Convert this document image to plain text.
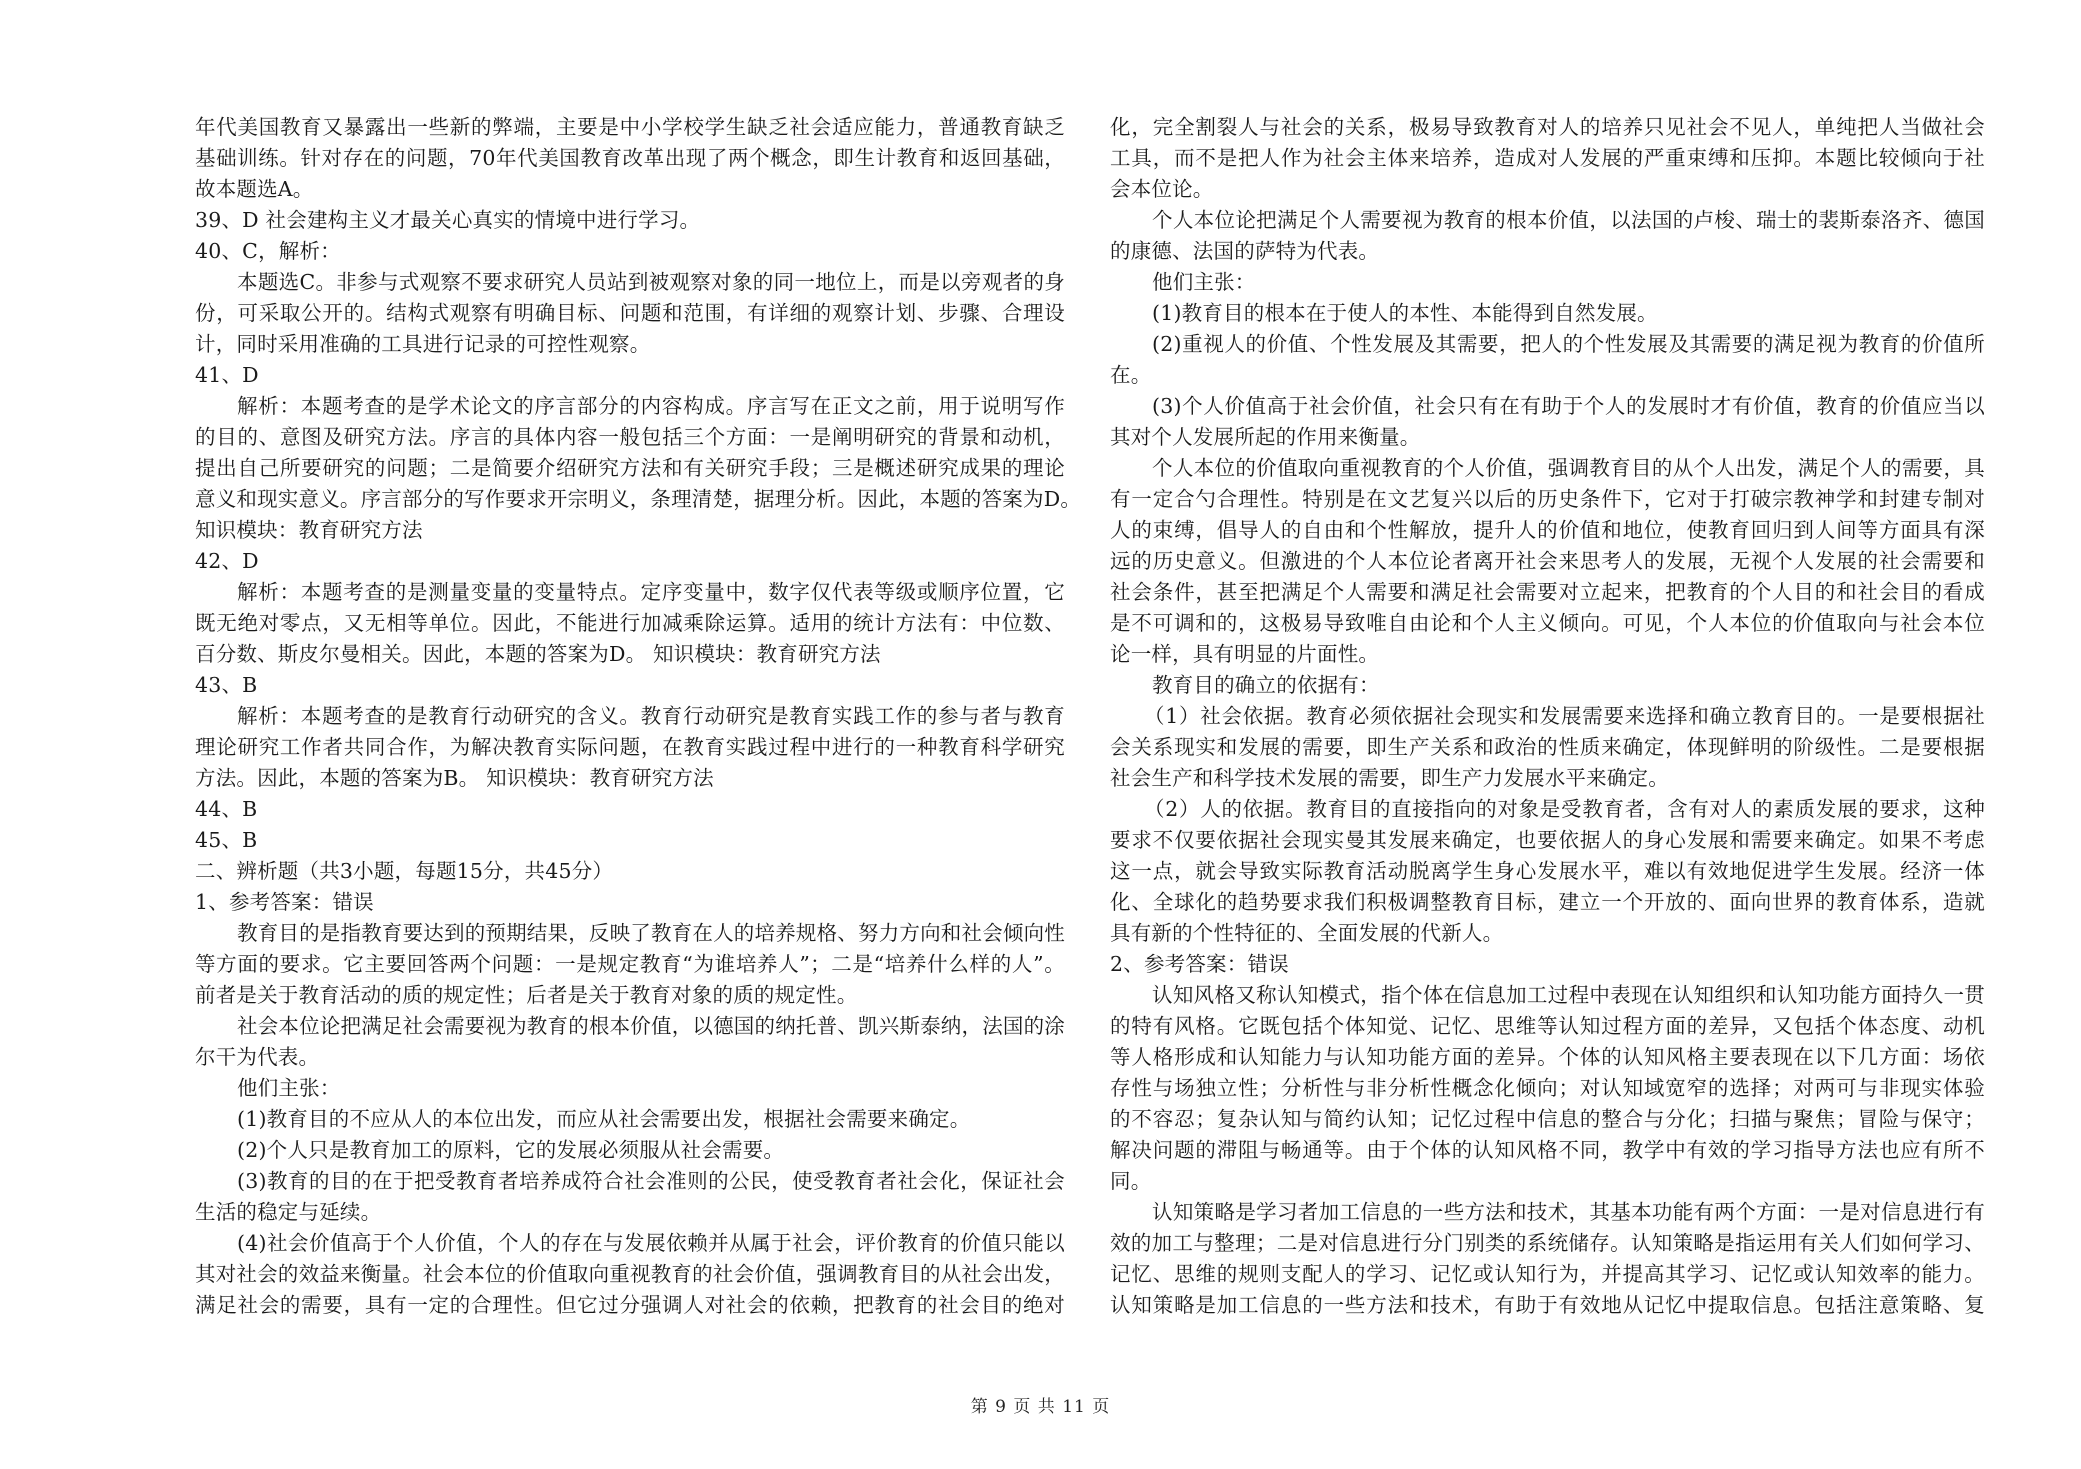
年代美国教育又暴露出一些新的弊端，主要是中小学校学生缺乏社会适应能力，普通教育缺乏
基础训练。针对存在的问题，70年代美国教育改革出现了两个概念，即生计教育和返回基础，
故本题选A。
39、D 社会建构主义才最关心真实的情境中进行学习。
40、C，解析：
本题选C。非参与式观察不要求研究人员站到被观察对象的同一地位上，而是以旁观者的身
份，可采取公开的。结构式观察有明确目标、问题和范围，有详细的观察计划、步骤、合理设
计，同时采用准确的工具进行记录的可控性观察。
41、D
解析：本题考查的是学术论文的序言部分的内容构成。序言写在正文之前，用于说明写作
的目的、意图及研究方法。序言的具体内容一般包括三个方面：一是阐明研究的背景和动机，
提出自己所要研究的问题；二是简要介绍研究方法和有关研究手段；三是概述研究成果的理论
意义和现实意义。序言部分的写作要求开宗明义，条理清楚，据理分析。因此，本题的答案为D。
知识模块：教育研究方法
42、D
解析：本题考查的是测量变量的变量特点。定序变量中，数字仅代表等级或顺序位置，它
既无绝对零点，又无相等单位。因此，不能进行加减乘除运算。适用的统计方法有：中位数、
百分数、斯皮尔曼相关。因此，本题的答案为D。 知识模块：教育研究方法
43、B
解析：本题考查的是教育行动研究的含义。教育行动研究是教育实践工作的参与者与教育
理论研究工作者共同合作，为解决教育实际问题，在教育实践过程中进行的一种教育科学研究
方法。因此，本题的答案为B。 知识模块：教育研究方法
44、B
45、B
二、辨析题（共3小题，每题15分，共45分）
1、参考答案：错误
教育目的是指教育要达到的预期结果，反映了教育在人的培养规格、努力方向和社会倾向性
等方面的要求。它主要回答两个问题：一是规定教育“为谁培养人”；二是“培养什么样的人”。
前者是关于教育活动的质的规定性；后者是关于教育对象的质的规定性。
社会本位论把满足社会需要视为教育的根本价值，以德国的纳托普、凯兴斯泰纳，法国的涂
尔干为代表。
他们主张：
(1)教育目的不应从人的本位出发，而应从社会需要出发，根据社会需要来确定。
(2)个人只是教育加工的原料，它的发展必须服从社会需要。
(3)教育的目的在于把受教育者培养成符合社会准则的公民，使受教育者社会化，保证社会
生活的稳定与延续。
(4)社会价值高于个人价值，个人的存在与发展依赖并从属于社会，评价教育的价值只能以
其对社会的效益来衡量。社会本位的价值取向重视教育的社会价值，强调教育目的从社会出发，
满足社会的需要，具有一定的合理性。但它过分强调人对社会的依赖，把教育的社会目的绝对
化，完全割裂人与社会的关系，极易导致教育对人的培养只见社会不见人，单纯把人当做社会
工具，而不是把人作为社会主体来培养，造成对人发展的严重束缚和压抑。本题比较倾向于社
会本位论。
个人本位论把满足个人需要视为教育的根本价值，以法国的卢梭、瑞士的裴斯泰洛齐、德国
的康德、法国的萨特为代表。
他们主张：
(1)教育目的根本在于使人的本性、本能得到自然发展。
(2)重视人的价值、个性发展及其需要，把人的个性发展及其需要的满足视为教育的价值所
在。
(3)个人价值高于社会价值，社会只有在有助于个人的发展时才有价值，教育的价值应当以
其对个人发展所起的作用来衡量。
个人本位的价值取向重视教育的个人价值，强调教育目的从个人出发，满足个人的需要，具
有一定合勺合理性。特别是在文艺复兴以后的历史条件下，它对于打破宗教神学和封建专制对
人的束缚，倡导人的自由和个性解放，提升人的价值和地位，使教育回归到人间等方面具有深
远的历史意义。但激进的个人本位论者离开社会来思考人的发展，无视个人发展的社会需要和
社会条件，甚至把满足个人需要和满足社会需要对立起来，把教育的个人目的和社会目的看成
是不可调和的，这极易导致唯自由论和个人主义倾向。可见，个人本位的价值取向与社会本位
论一样，具有明显的片面性。
教育目的确立的依据有：
（1）社会依据。教育必须依据社会现实和发展需要来选择和确立教育目的。一是要根据社
会关系现实和发展的需要，即生产关系和政治的性质来确定，体现鲜明的阶级性。二是要根据
社会生产和科学技术发展的需要，即生产力发展水平来确定。
（2）人的依据。教育目的直接指向的对象是受教育者，含有对人的素质发展的要求，这种
要求不仅要依据社会现实曼其发展来确定，也要依据人的身心发展和需要来确定。如果不考虑
这一点，就会导致实际教育活动脱离学生身心发展水平，难以有效地促进学生发展。经济一体
化、全球化的趋势要求我们积极调整教育目标，建立一个开放的、面向世界的教育体系，造就
具有新的个性特征的、全面发展的代新人。
2、参考答案：错误
认知风格又称认知模式，指个体在信息加工过程中表现在认知组织和认知功能方面持久一贯
的特有风格。它既包括个体知觉、记忆、思维等认知过程方面的差异，又包括个体态度、动机
等人格形成和认知能力与认知功能方面的差异。个体的认知风格主要表现在以下几方面：场依
存性与场独立性；分析性与非分析性概念化倾向；对认知域宽窄的选择；对两可与非现实体验
的不容忍；复杂认知与简约认知；记忆过程中信息的整合与分化；扫描与聚焦；冒险与保守；
解决问题的滞阻与畅通等。由于个体的认知风格不同，教学中有效的学习指导方法也应有所不
同。
认知策略是学习者加工信息的一些方法和技术，其基本功能有两个方面：一是对信息进行有
效的加工与整理；二是对信息进行分门别类的系统储存。认知策略是指运用有关人们如何学习、
记忆、思维的规则支配人的学习、记忆或认知行为，并提高其学习、记忆或认知效率的能力。
认知策略是加工信息的一些方法和技术，有助于有效地从记忆中提取信息。包括注意策略、复
第 9 页 共 11 页
